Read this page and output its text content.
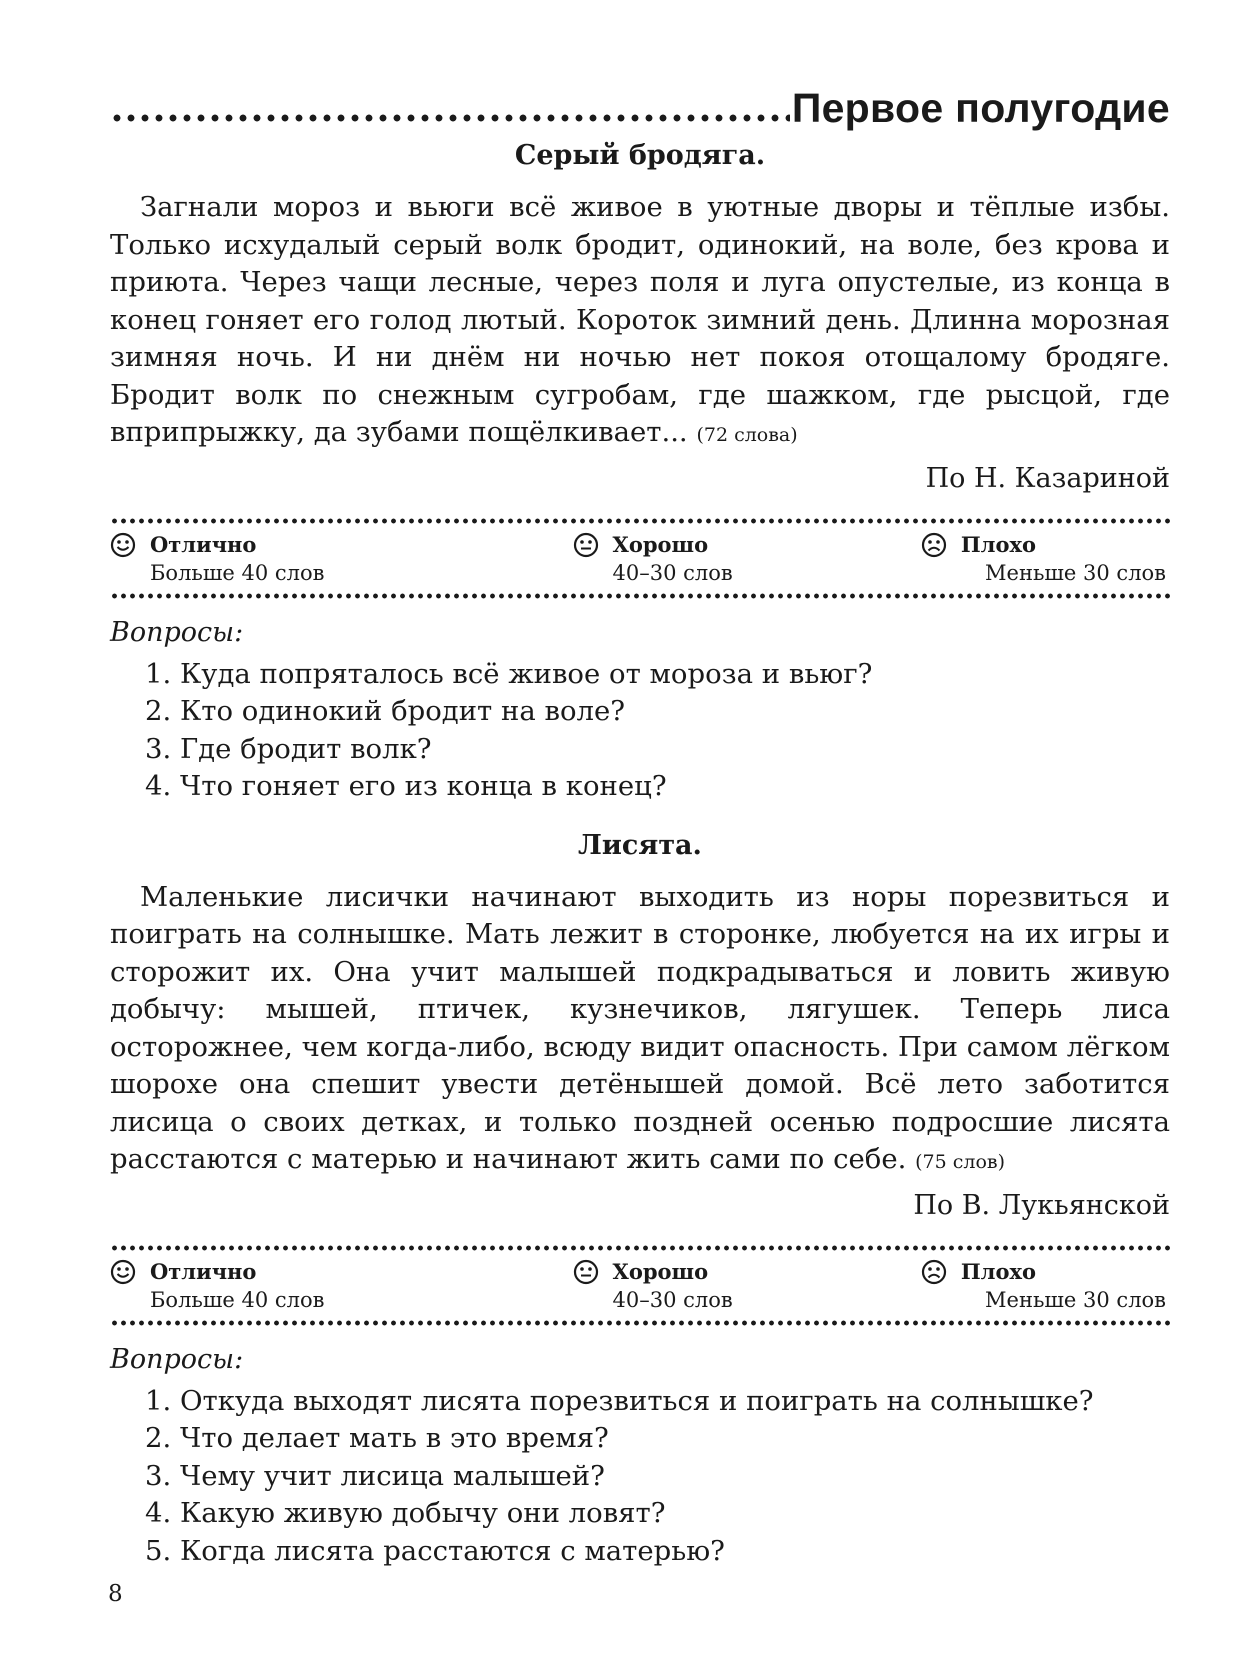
Первое полугодие
Серый бродяга.

Загнали мороз и вьюги всё живое в уютные дворы и тёплые избы. Только исхудалый серый волк бродит, одинокий, на воле, без крова и приюта. Через чащи лесные, через поля и луга опустелые, из конца в конец гоняет его голод лютый. Короток зимний день. Длинна морозная зимняя ночь. И ни днём ни ночью нет покоя отощалому бродяге. Бродит волк по снежным сугробам, где шажком, где рысцой, где вприпрыжку, да зубами пощёлкивает... (72 слова)

По Н. Казариной
Отлично
Больше 40 слов
Хорошо
40–30 слов
Плохо
Меньше 30 слов
Вопросы:
1. Куда попряталось всё живое от мороза и вьюг?
2. Кто одинокий бродит на воле?
3. Где бродит волк?
4. Что гоняет его из конца в конец?
Лисята.

Маленькие лисички начинают выходить из норы порезвиться и поиграть на солнышке. Мать лежит в сторонке, любуется на их игры и сторожит их. Она учит малышей подкрадываться и ловить живую добычу: мышей, птичек, кузнечиков, лягушек. Теперь лиса осторожнее, чем когда-либо, всюду видит опасность. При самом лёгком шорохе она спешит увести детёнышей домой. Всё лето заботится лисица о своих детках, и только поздней осенью подросшие лисята расстаются с матерью и начинают жить сами по себе. (75 слов)

По В. Лукьянской
Отлично
Больше 40 слов
Хорошо
40–30 слов
Плохо
Меньше 30 слов
Вопросы:
1. Откуда выходят лисята порезвиться и поиграть на солнышке?
2. Что делает мать в это время?
3. Чему учит лисица малышей?
4. Какую живую добычу они ловят?
5. Когда лисята расстаются с матерью?
8
